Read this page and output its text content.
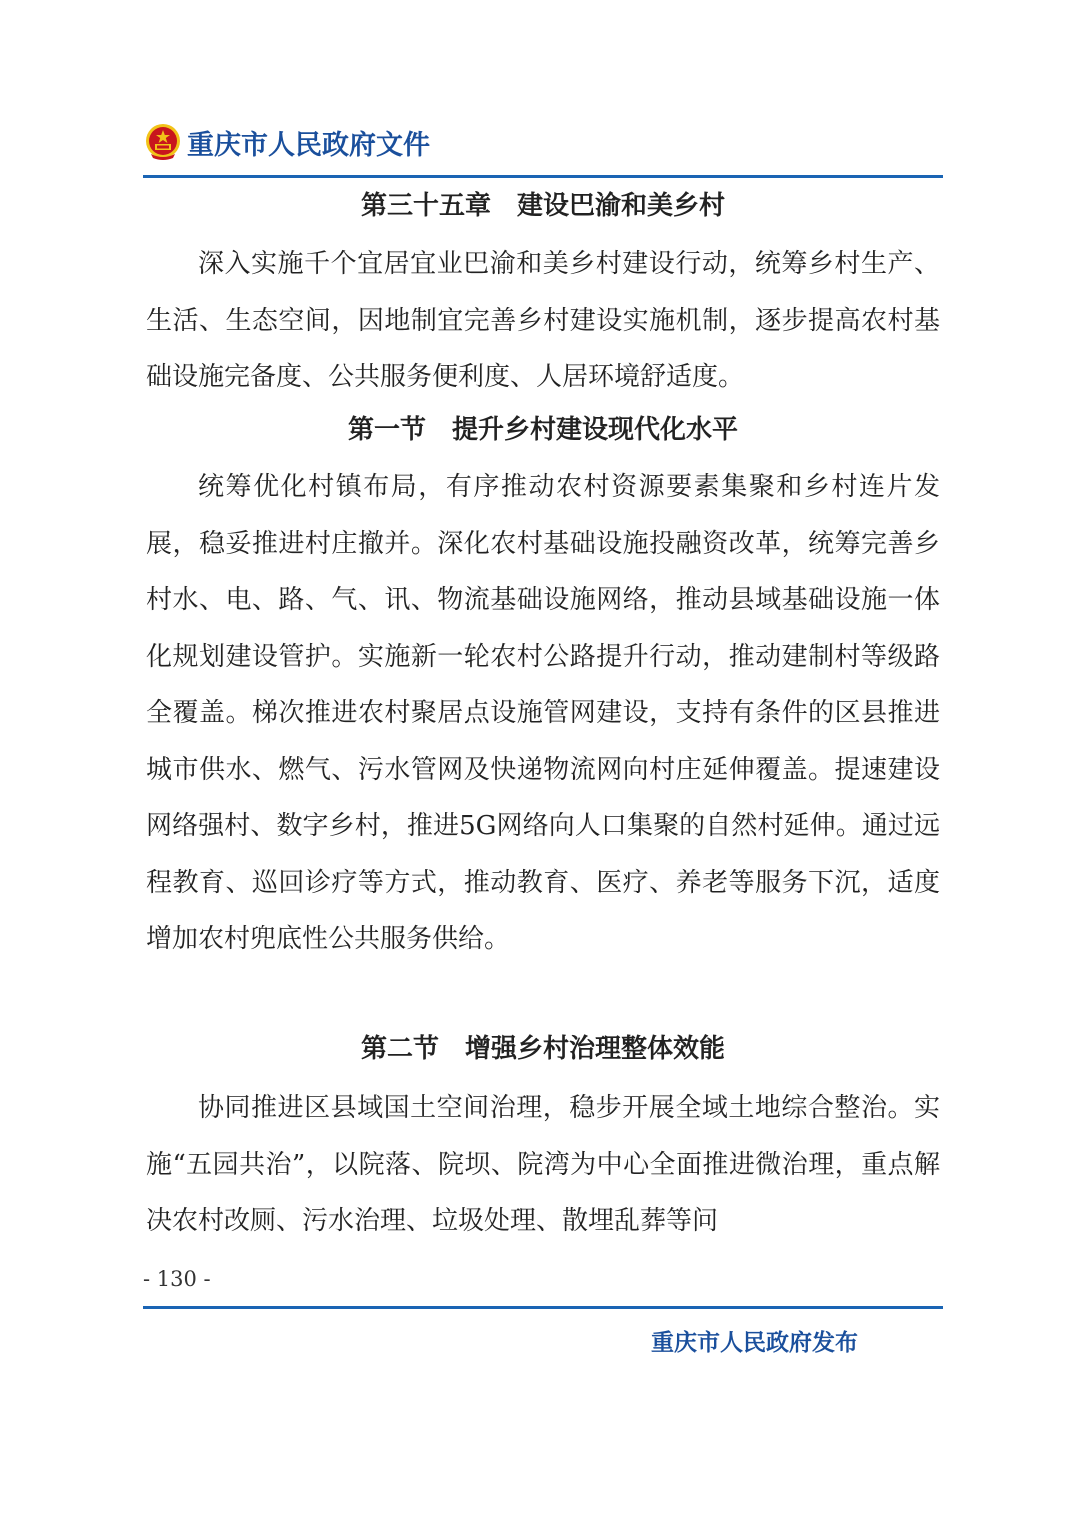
重庆市人民政府文件
第三十五章　建设巴渝和美乡村
深入实施千个宜居宜业巴渝和美乡村建设行动，统筹乡村生产、生活、生态空间，因地制宜完善乡村建设实施机制，逐步提高农村基础设施完备度、公共服务便利度、人居环境舒适度。
第一节　提升乡村建设现代化水平
统筹优化村镇布局，有序推动农村资源要素集聚和乡村连片发展，稳妥推进村庄撤并。深化农村基础设施投融资改革，统筹完善乡村水、电、路、气、讯、物流基础设施网络，推动县域基础设施一体化规划建设管护。实施新一轮农村公路提升行动，推动建制村等级路全覆盖。梯次推进农村聚居点设施管网建设，支持有条件的区县推进城市供水、燃气、污水管网及快递物流网向村庄延伸覆盖。提速建设网络强村、数字乡村，推进5G网络向人口集聚的自然村延伸。通过远程教育、巡回诊疗等方式，推动教育、医疗、养老等服务下沉，适度增加农村兜底性公共服务供给。
第二节　增强乡村治理整体效能
协同推进区县域国土空间治理，稳步开展全域土地综合整治。实施“五园共治”，以院落、院坝、院湾为中心全面推进微治理，重点解决农村改厕、污水治理、垃圾处理、散埋乱葬等问
- 130 -
重庆市人民政府发布
